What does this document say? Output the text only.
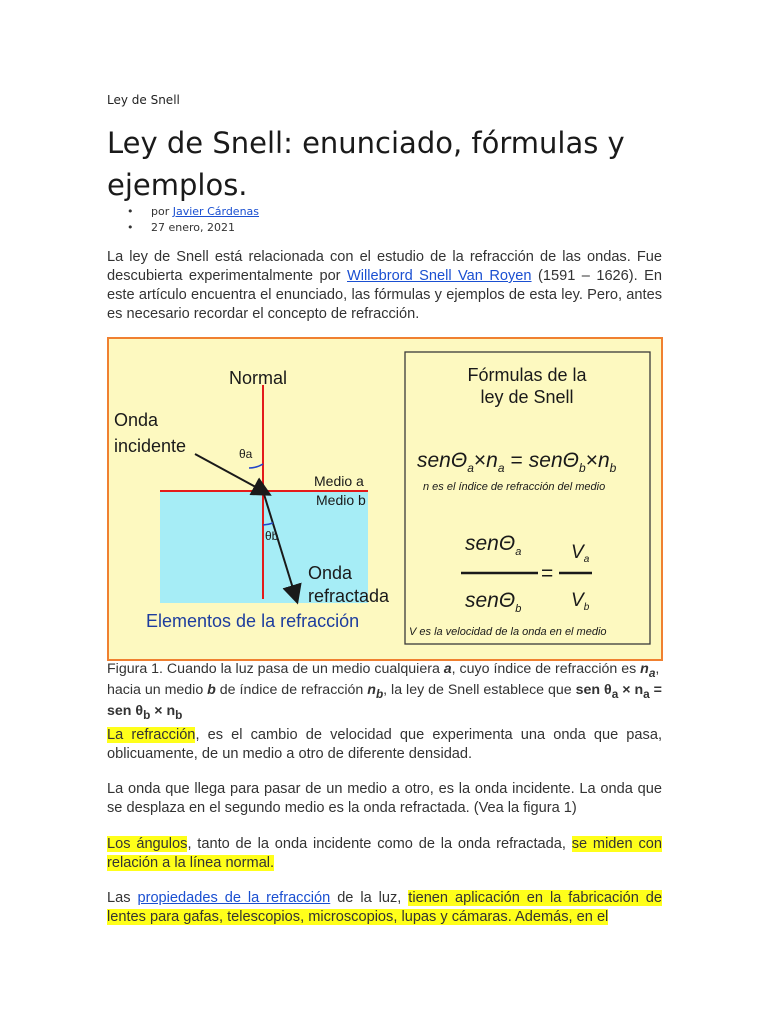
Ley de Snell
Ley de Snell: enunciado, fórmulas y ejemplos.
• por Javier Cárdenas
• 27 enero, 2021

La ley de Snell está relacionada con el estudio de la refracción de las ondas. Fue descubierta experimentalmente por Willebrord Snell Van Royen (1591 – 1626). En este artículo encuentra el enunciado, las fórmulas y ejemplos de esta ley. Pero, antes es necesario recordar el concepto de refracción.

La refracción, es el cambio de velocidad que experimenta una onda que pasa, oblicuamente, de un medio a otro de diferente densidad.

La onda que llega para pasar de un medio a otro, es la onda incidente. La onda que se desplaza en el segundo medio es la onda refractada. (Vea la figura 1)

Los ángulos, tanto de la onda incidente como de la onda refractada, se miden con relación a la línea normal.

Las propiedades de la refracción de la luz, tienen aplicación en la fabricación de lentes para gafas, telescopios, microscopios, lupas y cámaras. Además, en el

Normal
Onda
incidente	θa
θb
Medio a
Medio b
Onda
refractada
Elementos de la refracción
Fórmulas de la
ley de Snell
$sen\Theta_a\times n_a = sen\Theta_b\times n_b$
n es el índice de refracción del medio
senΘ$_a$
senΘ$_b$
=
$V_a$
$V_b$
V es la velocidad de la onda en el medio
Figura 1. Cuando la luz pasa de un medio cualquiera a, cuyo índice de refracción es $n_a$, hacia un medio b de índice de refracción $n_b$, la ley de Snell establece que sen $\theta_a \times n_a$ = sen $\theta_b \times n_b$
